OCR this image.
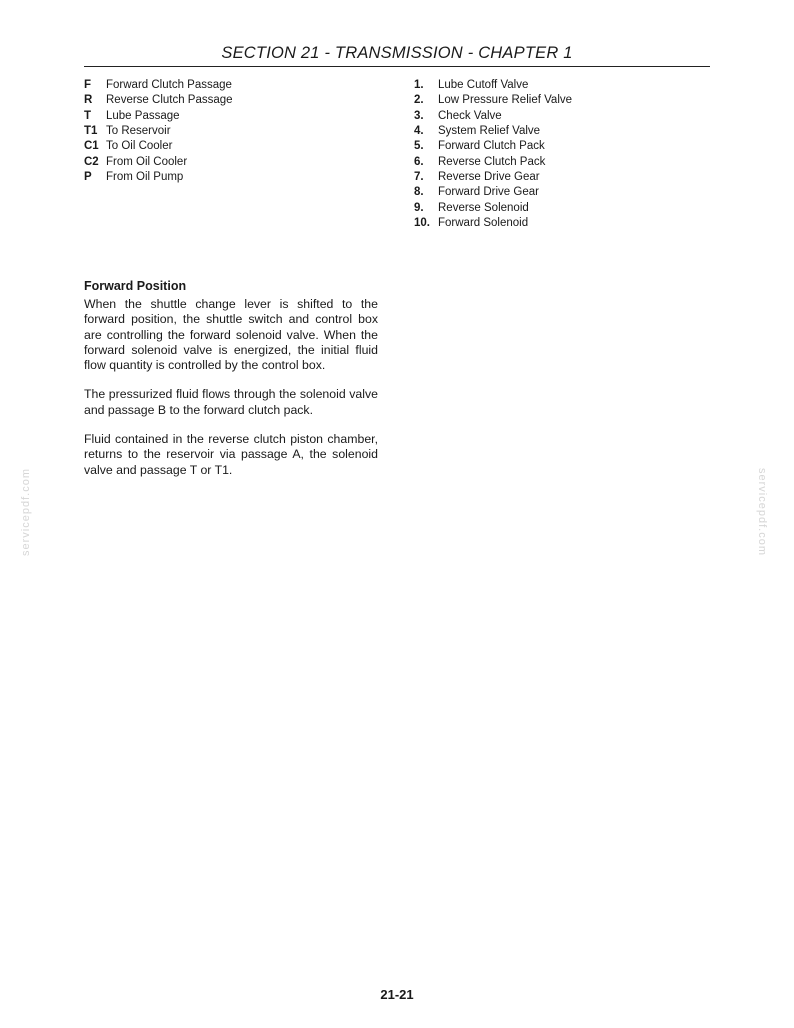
SECTION 21 - TRANSMISSION - CHAPTER 1
F	Forward Clutch Passage
R	Reverse Clutch Passage
T	Lube Passage
T1 To Reservoir
C1 To Oil Cooler
C2 From Oil Cooler
P	From Oil Pump
1.	Lube Cutoff Valve
2.	Low Pressure Relief Valve
3.	Check Valve
4.	System Relief Valve
5.	Forward Clutch Pack
6.	Reverse Clutch Pack
7.	Reverse Drive Gear
8.	Forward Drive Gear
9.	Reverse Solenoid
10. Forward Solenoid
Forward Position

When the shuttle change lever is shifted to the forward position, the shuttle switch and control box are controlling the forward solenoid valve. When the forward solenoid valve is energized, the initial fluid flow quantity is controlled by the control box.

The pressurized fluid flows through the solenoid valve and passage B to the forward clutch pack.

Fluid contained in the reverse clutch piston chamber, returns to the reservoir via passage A, the solenoid valve and passage T or T1.

servicepdf.com	servicepdf.com
21-21
